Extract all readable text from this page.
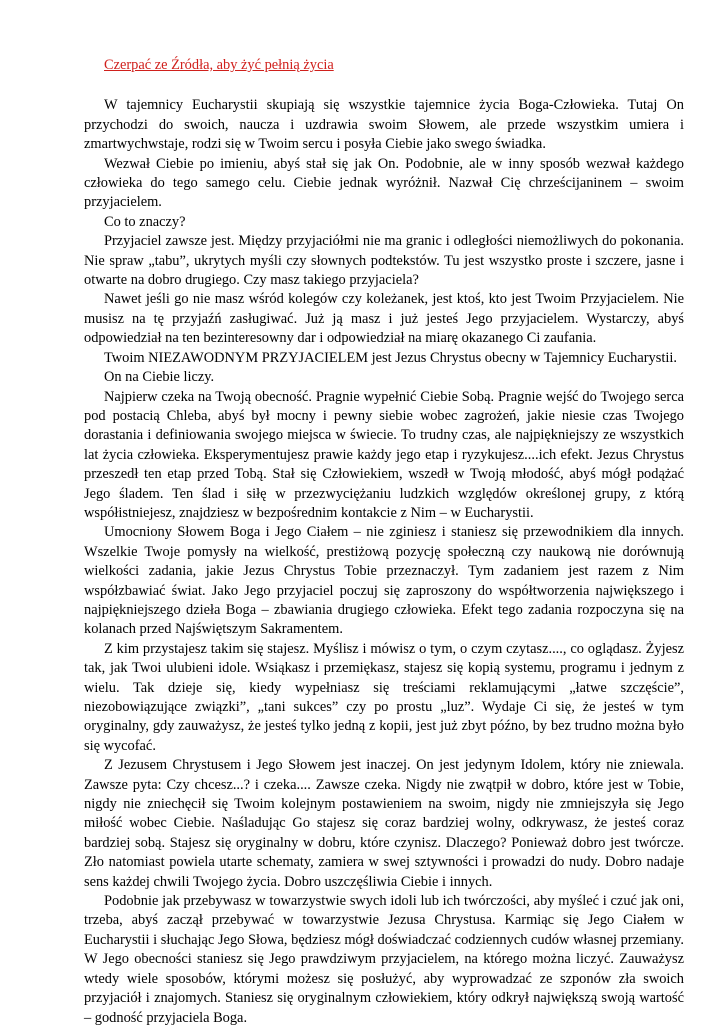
Czerpać ze Źródła, aby żyć pełnią życia

W tajemnicy Eucharystii skupiają się wszystkie tajemnice życia Boga-Człowieka. Tutaj On przychodzi do swoich, naucza i uzdrawia swoim Słowem, ale przede wszystkim umiera i zmartwychwstaje, rodzi się w Twoim sercu i posyła Ciebie jako swego świadka.

Wezwał Ciebie po imieniu, abyś stał się jak On. Podobnie, ale w inny sposób wezwał każdego człowieka do tego samego celu. Ciebie jednak wyróżnił. Nazwał Cię chrześcijaninem – swoim przyjacielem.

Co to znaczy?

Przyjaciel zawsze jest. Między przyjaciółmi nie ma granic i odległości niemożliwych do pokonania. Nie spraw „tabu”, ukrytych myśli czy słownych podtekstów. Tu jest wszystko proste i szczere, jasne i otwarte na dobro drugiego. Czy masz takiego przyjaciela?

Nawet jeśli go nie masz wśród kolegów czy koleżanek, jest ktoś, kto jest Twoim Przyjacielem. Nie musisz na tę przyjaźń zasługiwać. Już ją masz i już jesteś Jego przyjacielem. Wystarczy, abyś odpowiedział na ten bezinteresowny dar i odpowiedział na miarę okazanego Ci zaufania.

Twoim NIEZAWODNYM PRZYJACIELEM jest Jezus Chrystus obecny w Tajemnicy Eucharystii.

On na Ciebie liczy.

Najpierw czeka na Twoją obecność. Pragnie wypełnić Ciebie Sobą. Pragnie wejść do Twojego serca pod postacią Chleba, abyś był mocny i pewny siebie wobec zagrożeń, jakie niesie czas Twojego dorastania i definiowania swojego miejsca w świecie. To trudny czas, ale najpiękniejszy ze wszystkich lat życia człowieka. Eksperymentujesz prawie każdy jego etap i ryzykujesz....ich efekt. Jezus Chrystus przeszedł ten etap przed Tobą. Stał się Człowiekiem, wszedł w Twoją młodość, abyś mógł podążać Jego śladem. Ten ślad i siłę w przezwyciężaniu ludzkich względów określonej grupy, z którą współistniejesz, znajdziesz w bezpośrednim kontakcie z Nim – w Eucharystii.

Umocniony Słowem Boga i Jego Ciałem – nie zginiesz i staniesz się przewodnikiem dla innych. Wszelkie Twoje pomysły na wielkość, prestiżową pozycję społeczną czy naukową nie dorównują wielkości zadania, jakie Jezus Chrystus Tobie przeznaczył. Tym zadaniem jest razem z Nim współzbawiać świat. Jako Jego przyjaciel poczuj się zaproszony do współtworzenia największego i najpiękniejszego dzieła Boga – zbawiania drugiego człowieka. Efekt tego zadania rozpoczyna się na kolanach przed Najświętszym Sakramentem.

Z kim przystajesz takim się stajesz. Myślisz i mówisz o tym, o czym czytasz...., co oglądasz. Żyjesz tak, jak Twoi ulubieni idole. Wsiąkasz i przemiękasz, stajesz się kopią systemu, programu i jednym z wielu. Tak dzieje się, kiedy wypełniasz się treściami reklamującymi „łatwe szczęście”, niezobowiązujące związki”, „tani sukces” czy po prostu „luz”. Wydaje Ci się, że jesteś w tym oryginalny, gdy zauważysz, że jesteś tylko jedną z kopii, jest już zbyt późno, by bez trudno można było się wycofać.

Z Jezusem Chrystusem i Jego Słowem jest inaczej. On jest jedynym Idolem, który nie zniewala. Zawsze pyta: Czy chcesz...? i czeka.... Zawsze czeka. Nigdy nie zwątpił w dobro, które jest w Tobie, nigdy nie zniechęcił się Twoim kolejnym postawieniem na swoim, nigdy nie zmniejszyła się Jego miłość wobec Ciebie. Naśladując Go stajesz się coraz bardziej wolny, odkrywasz, że jesteś coraz bardziej sobą. Stajesz się oryginalny w dobru, które czynisz. Dlaczego? Ponieważ dobro jest twórcze. Zło natomiast powiela utarte schematy, zamiera w swej sztywności i prowadzi do nudy. Dobro nadaje sens każdej chwili Twojego życia. Dobro uszczęśliwia Ciebie i innych.

Podobnie jak przebywasz w towarzystwie swych idoli lub ich twórczości, aby myśleć i czuć jak oni, trzeba, abyś zaczął przebywać w towarzystwie Jezusa Chrystusa. Karmiąc się Jego Ciałem w Eucharystii i słuchając Jego Słowa, będziesz mógł doświadczać codziennych cudów własnej przemiany. W Jego obecności staniesz się Jego prawdziwym przyjacielem, na którego można liczyć. Zauważysz wtedy wiele sposobów, którymi możesz się posłużyć, aby wyprowadzać ze szponów zła swoich przyjaciół i znajomych. Staniesz się oryginalnym człowiekiem, który odkrył największą swoją wartość – godność przyjaciela Boga.
